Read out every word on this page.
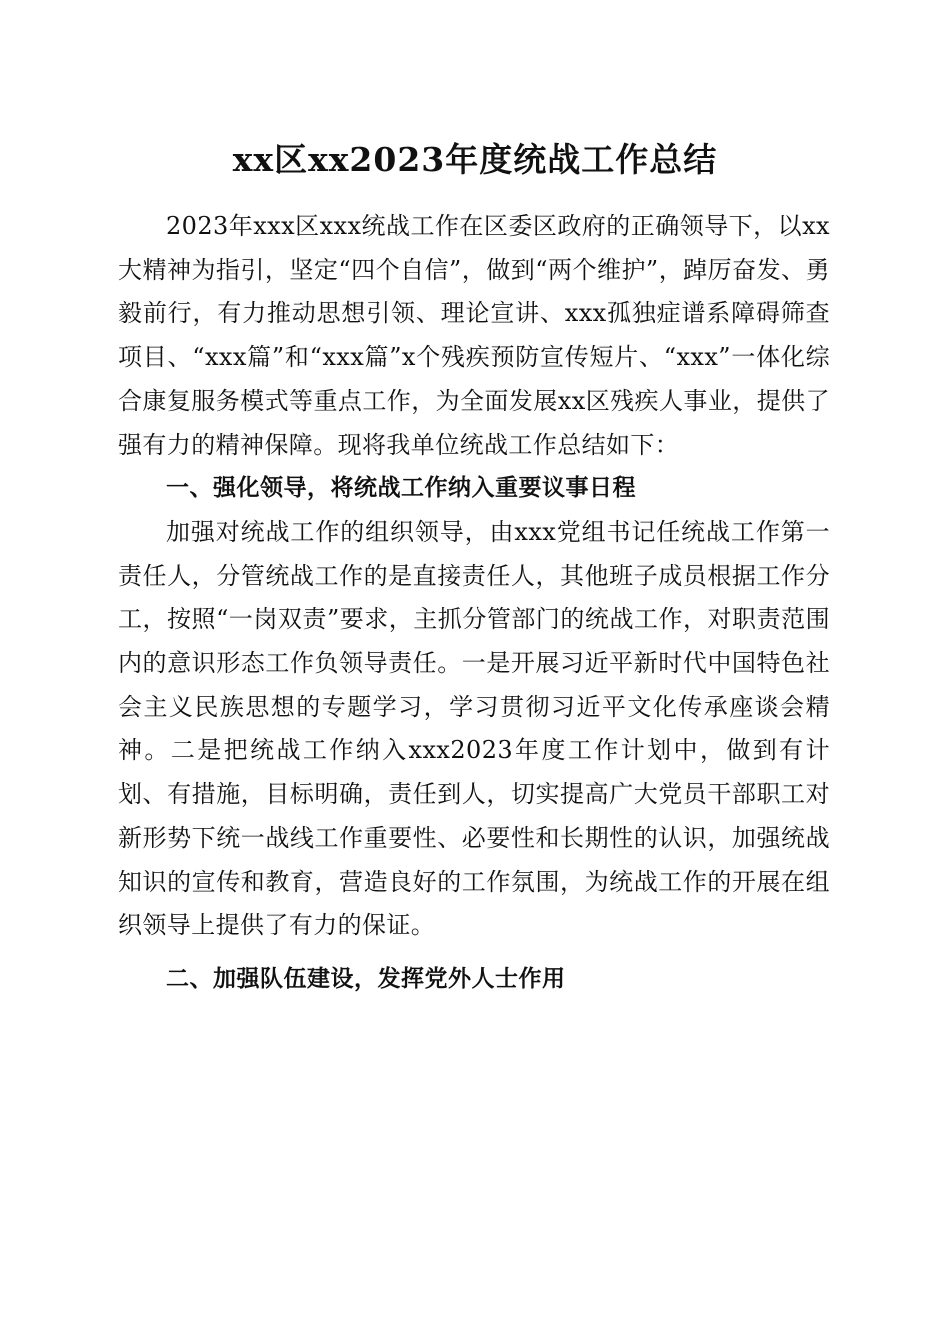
xx区xx2023年度统战工作总结

2023年xxx区xxx统战工作在区委区政府的正确领导下，以xx大精神为指引，坚定“四个自信”，做到“两个维护”，踔厉奋发、勇毅前行，有力推动思想引领、理论宣讲、xxx孤独症谱系障碍筛查项目、“xxx篇”和“xxx篇”x个残疾预防宣传短片、“xxx”一体化综合康复服务模式等重点工作，为全面发展xx区残疾人事业，提供了强有力的精神保障。现将我单位统战工作总结如下：

一、强化领导，将统战工作纳入重要议事日程

加强对统战工作的组织领导，由xxx党组书记任统战工作第一责任人，分管统战工作的是直接责任人，其他班子成员根据工作分工，按照“一岗双责”要求，主抓分管部门的统战工作，对职责范围内的意识形态工作负领导责任。一是开展习近平新时代中国特色社会主义民族思想的专题学习，学习贯彻习近平文化传承座谈会精神。二是把统战工作纳入xxx2023年度工作计划中，做到有计划、有措施，目标明确，责任到人，切实提高广大党员干部职工对新形势下统一战线工作重要性、必要性和长期性的认识，加强统战知识的宣传和教育，营造良好的工作氛围，为统战工作的开展在组织领导上提供了有力的保证。

二、加强队伍建设，发挥党外人士作用
